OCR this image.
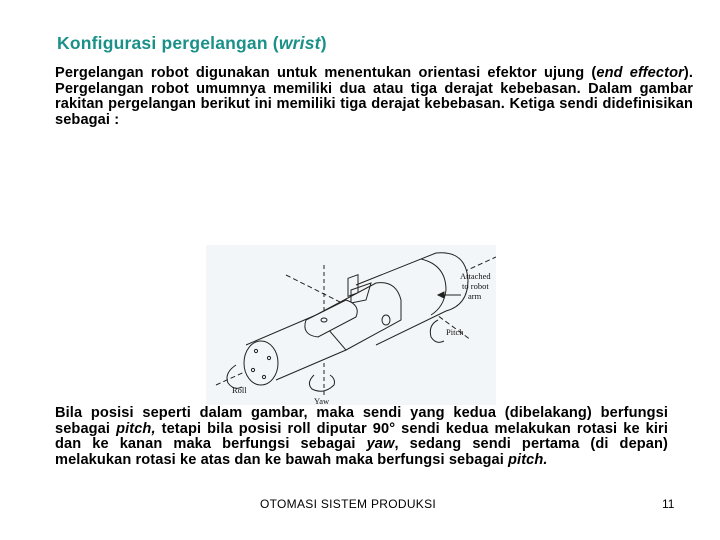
Konfigurasi pergelangan (wrist)
Pergelangan robot digunakan untuk menentukan orientasi efektor ujung (end effector). Pergelangan robot umumnya memiliki dua atau tiga derajat kebebasan. Dalam gambar rakitan pergelangan berikut ini memiliki tiga derajat kebebasan. Ketiga sendi didefinisikan sebagai :
Attached
to robot
arm
Pitch
Roll
Yaw
Bila posisi seperti dalam gambar, maka sendi yang kedua (dibelakang) berfungsi sebagai pitch, tetapi bila posisi roll diputar 90° sendi kedua melakukan rotasi ke kiri dan ke kanan maka berfungsi sebagai yaw, sedang sendi pertama (di depan) melakukan rotasi ke atas dan ke bawah maka berfungsi sebagai pitch.
OTOMASI SISTEM PRODUKSI	11
